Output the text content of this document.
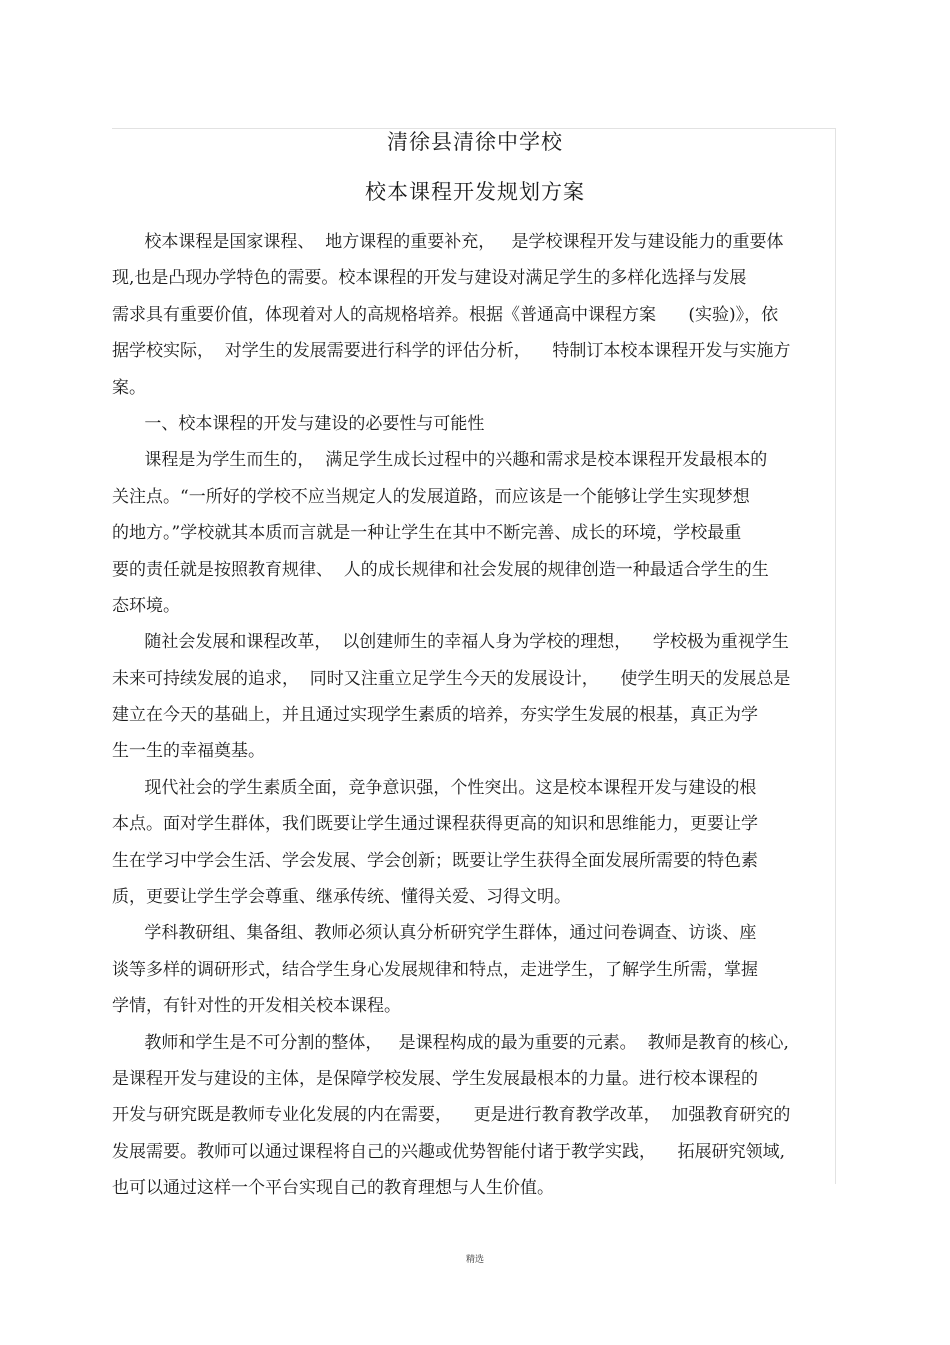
清徐县清徐中学校
校本课程开发规划方案
校本课程是国家课程、  地方课程的重要补充，   是学校课程开发与建设能力的重要体
现,也是凸现办学特色的需要。校本课程的开发与建设对满足学生的多样化选择与发展
需求具有重要价值，体现着对人的高规格培养。根据《普通高中课程方案      (实验)》，依
据学校实际，  对学生的发展需要进行科学的评估分析，    特制订本校本课程开发与实施方
案。
一、校本课程的开发与建设的必要性与可能性
课程是为学生而生的，  满足学生成长过程中的兴趣和需求是校本课程开发最根本的
关注点。“一所好的学校不应当规定人的发展道路，而应该是一个能够让学生实现梦想
的地方。”学校就其本质而言就是一种让学生在其中不断完善、成长的环境，学校最重
要的责任就是按照教育规律、  人的成长规律和社会发展的规律创造一种最适合学生的生
态环境。
随社会发展和课程改革，  以创建师生的幸福人身为学校的理想，    学校极为重视学生
未来可持续发展的追求，  同时又注重立足学生今天的发展设计，    使学生明天的发展总是
建立在今天的基础上，并且通过实现学生素质的培养，夯实学生发展的根基，真正为学
生一生的幸福奠基。
现代社会的学生素质全面，竞争意识强，个性突出。这是校本课程开发与建设的根
本点。面对学生群体，我们既要让学生通过课程获得更高的知识和思维能力，更要让学
生在学习中学会生活、学会发展、学会创新；既要让学生获得全面发展所需要的特色素
质，更要让学生学会尊重、继承传统、懂得关爱、习得文明。
学科教研组、集备组、教师必须认真分析研究学生群体，通过问卷调查、访谈、座
谈等多样的调研形式，结合学生身心发展规律和特点，走进学生，了解学生所需，掌握
学情，有针对性的开发相关校本课程。
教师和学生是不可分割的整体，   是课程构成的最为重要的元素。  教师是教育的核心,
是课程开发与建设的主体，是保障学校发展、学生发展最根本的力量。进行校本课程的
开发与研究既是教师专业化发展的内在需要，    更是进行教育教学改革，  加强教育研究的
发展需要。教师可以通过课程将自己的兴趣或优势智能付诸于教学实践，    拓展研究领域,
也可以通过这样一个平台实现自己的教育理想与人生价值。
精选
